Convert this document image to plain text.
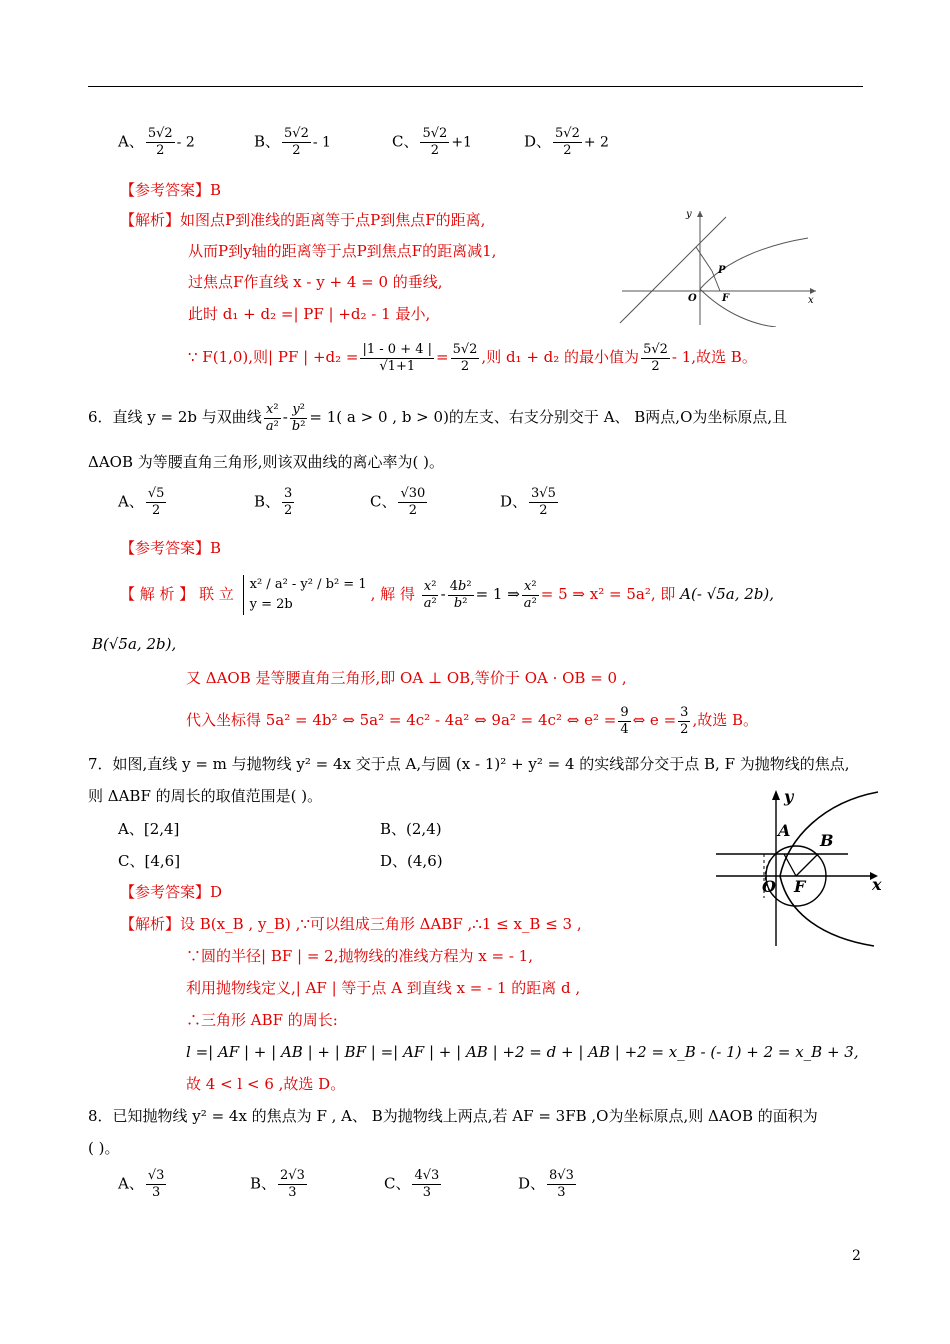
A、 $\frac{5√2}{2} - 2$	B、 $\frac{5√2}{2} - 1$	C、 $\frac{5√2}{2} +1$	D、 $\frac{5√2}{2} + 2$
【参考答案】B
【解析】如图点P到准线的距离等于点P到焦点F的距离,
从而P到y轴的距离等于点P到焦点F的距离减1,
过焦点F作直线 x - y + 4 = 0 的垂线,
此时 d₁ + d₂ =| PF | +d₂ - 1 最小,
∵ F(1,0),则| PF | $+d_2 = \frac{|1 - 0 + 4 |}{√1+1} = \frac{5√2}{2}$ ,则 d₁ + d₂ 的最小值为 $\frac{5√2}{2} - 1$,故选 B。
y
x
O	F
P
6．直线 y = 2b 与双曲线 $\frac{\text{x²}}{\text{a²}} - \frac{\text{y²}}{\text{b²}} = 1$( a > 0 , b > 0)的左支、右支分别交于 A、 B两点,O为坐标原点,且
ΔAOB 为等腰直角三角形,则该双曲线的离心率为( )。
A、 $\frac{√5}{2}$	B、 $\frac{3}{2}$	C、 $\frac{√30}{2}$	D、 $\frac{3√5}{2}$
【参考答案】B
【 解 析 】 联 立
x² / a² - y² / b² = 1
y = 2b
, 解 得 $\frac{\text{x²}}{\text{a²}} - \frac{\text{4b²}}{\text{b²}} = 1$ ⇒ $\frac{\text{x²}}{\text{a²}} = 5$ ⇒ x² = 5a², 即 A(- √5a, 2b),
B(√5a, 2b),
又 ΔAOB 是等腰直角三角形,即 OA ⊥ OB,等价于 OA · OB = 0 ,
代入坐标得 5a² = 4b² ⇔ 5a² = 4c² - 4a² ⇔ 9a² = 4c² ⇔ $e^2 = \frac{9}{4}$ ⇔ $e = \frac{3}{2}$ ,故选 B。
7．如图,直线 y = m 与抛物线 y² = 4x 交于点 A,与圆 (x - 1)² + y² = 4 的实线部分交于点 B, F 为抛物线的焦点,
则 ΔABF 的周长的取值范围是( )。
A、[2,4]	B、(2,4)
C、[4,6]	D、(4,6)
y
x
O F
A
B
【参考答案】D
【解析】设 B(x_B , y_B) ,∵可以组成三角形 ΔABF ,∴1 ≤ x_B ≤ 3 ,
∵圆的半径| BF | = 2,抛物线的准线方程为 x = - 1,
利用抛物线定义,| AF | 等于点 A 到直线 x = - 1 的距离 d ,
∴三角形 ABF 的周长:
l =| AF | + | AB | + | BF | =| AF | + | AB | +2 = d + | AB | +2 = x_B - (- 1) + 2 = x_B + 3,
故 4 < l < 6 ,故选 D。
8．已知抛物线 y² = 4x 的焦点为 F , A、 B为抛物线上两点,若 AF = 3FB ,O为坐标原点,则 ΔAOB 的面积为
( )。
A、 $\frac{√3}{3}$	B、 $\frac{2√3}{3}$	C、 $\frac{4√3}{3}$	D、 $\frac{8√3}{3}$
2
